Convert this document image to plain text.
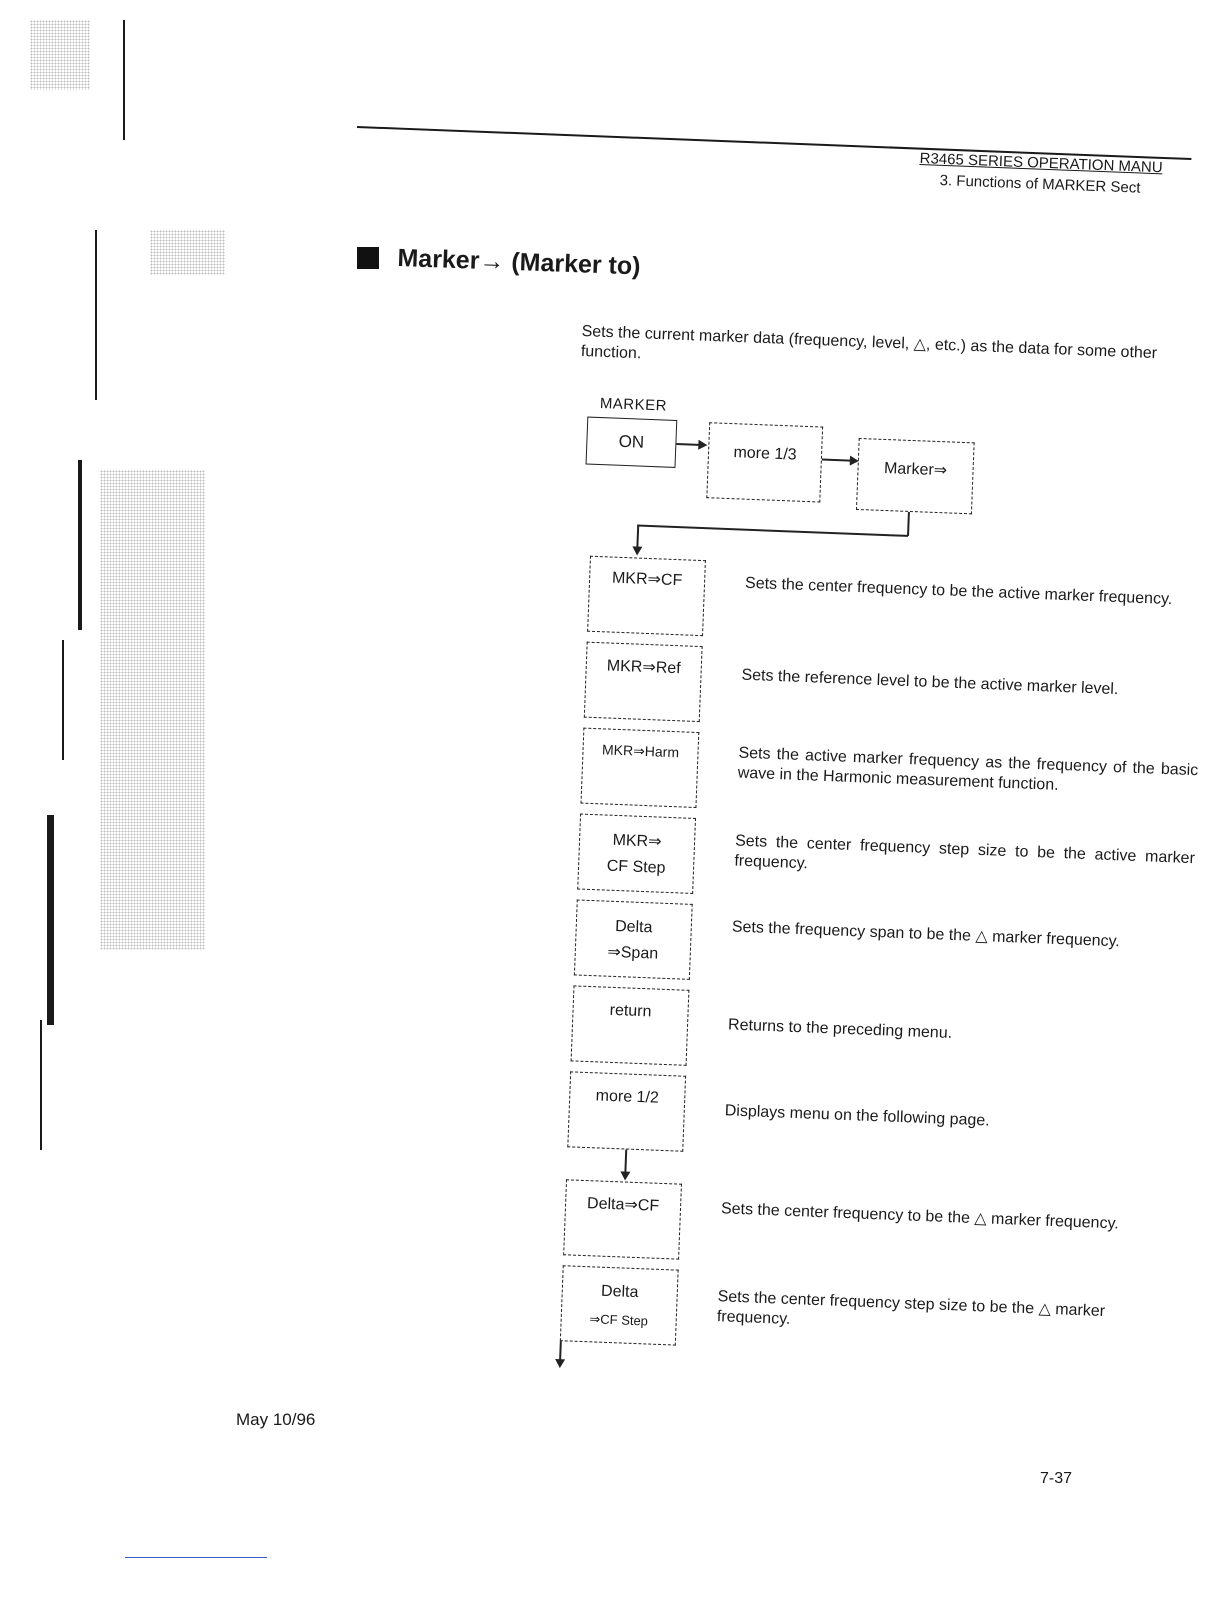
R3465 SERIES OPERATION MANU
3. Functions of MARKER Sect
Marker→ (Marker to)
Sets the current marker data (frequency, level, △, etc.) as the data for some other function.
MARKER
ON
more 1/3
Marker⇒
MKR⇒CF
MKR⇒Ref
MKR⇒Harm
MKR⇒
CF Step
Delta
⇒Span
return
more 1/2
Delta⇒CF
Delta
⇒CF Step
Sets the center frequency to be the active marker frequency.
Sets the reference level to be the active marker level.
Sets the active marker frequency as the frequency of the basic wave in the Harmonic measurement function.
Sets the center frequency step size to be the active marker frequency.
Sets the frequency span to be the △ marker frequency.
Returns to the preceding menu.
Displays menu on the following page.
Sets the center frequency to be the △ marker frequency.
Sets the center frequency step size to be the △ marker frequency.
May 10/96
7-37
